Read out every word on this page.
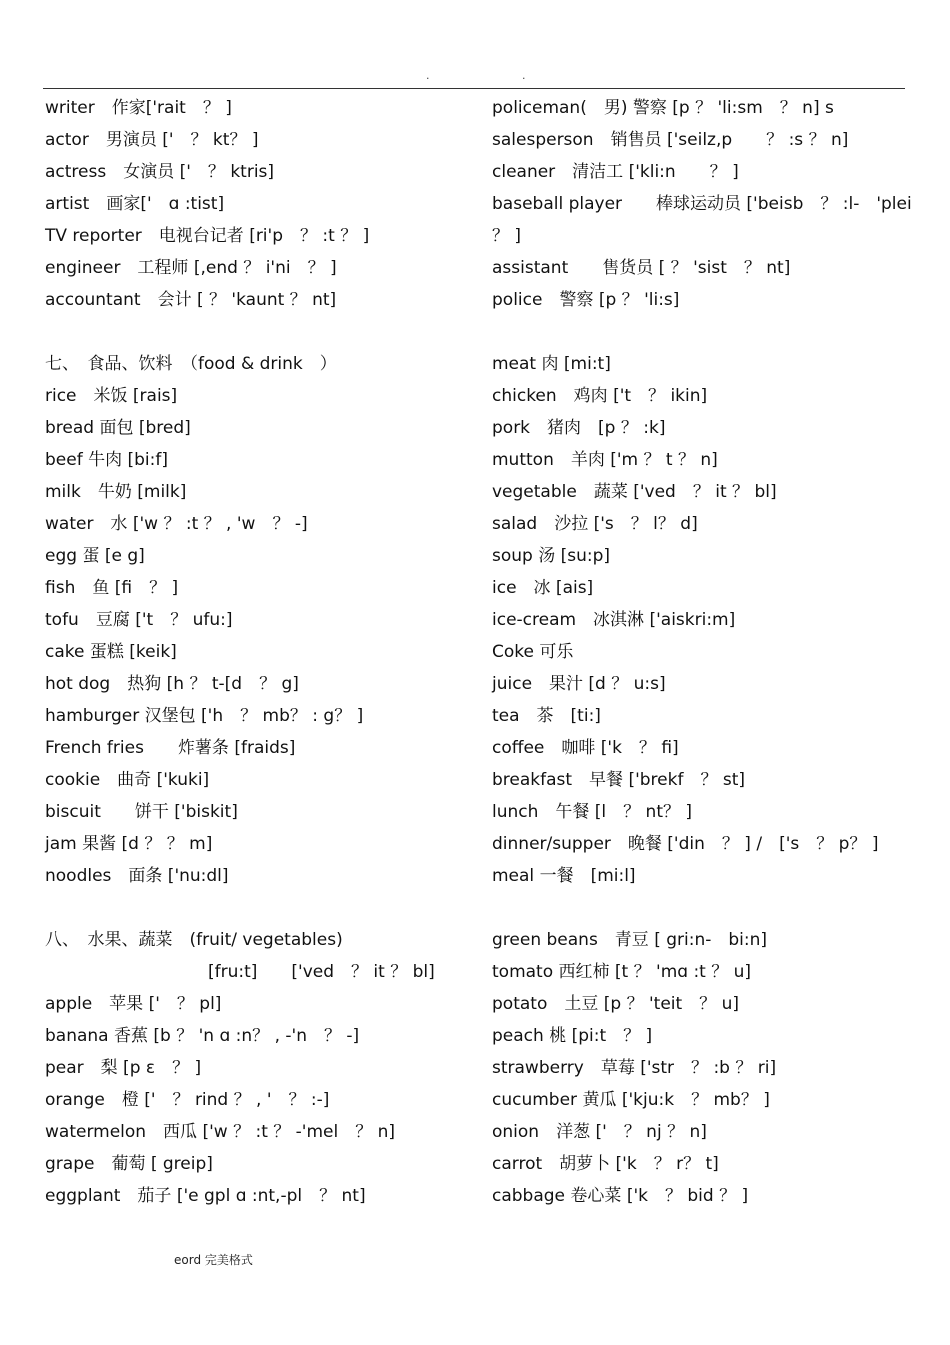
.	.
writer　作家['rait　？ ]
actor　男演员 ['　？ kt？ ]
actress　女演员 ['　？ ktris]
artist　画家['　ɑ :tist]
TV reporter　电视台记者 [ri'p　？ :t ？ ]
engineer　工程师 [,end ？ i'ni　？ ]
accountant　会计 [ ？ 'kaunt ？ nt]
七、　食品、饮料　（food & drink　）
rice　米饭 [rais]
bread 面包 [bred]
beef 牛肉 [bi:f]
milk　牛奶 [milk]
water　水 ['w ？ :t ？ , 'w　？ -]
egg 蛋 [e g]
fish　鱼 [fi　？ ]
tofu　豆腐 ['t　？ ufu:]
cake 蛋糕 [keik]
hot dog　热狗 [h ？ t-[d　？ g]
hamburger 汉堡包 ['h　？ mb？ : g？ ]
French fries　　炸薯条 [fraids]
cookie　曲奇 ['kuki]
biscuit　　饼干 ['biskit]
jam 果酱 [d ？ ？ m]
noodles　面条 ['nu:dl]
八、　水果、蔬菜　(fruit/ vegetables)
[fru:t]　　['ved　？ it ？ bl]
apple　苹果 ['　？ pl]
banana 香蕉 [b ？ 'n ɑ :n？ , -'n　？ -]
pear　梨 [p ε　？ ]
orange　橙 ['　？ rind ？ , '　？ :-]
watermelon　西瓜 ['w ？ :t ？ -'mel　？ n]
grape　葡萄 [ greip]
eggplant　茄子 ['e gpl ɑ :nt,-pl　？ nt]
policeman(　男) 警察 [p ？ 'li:sm　？ n] s
salesperson　销售员 ['seilz,p　　？ :s ？ n]
cleaner　清洁工 ['kli:n　　？ ]
baseball player　　棒球运动员 ['beisb　？ :l-　'plei
？ ]
assistant　　售货员 [ ？ 'sist　？ nt]
police　警察 [p ？ 'li:s]
meat 肉 [mi:t]
chicken　鸡肉 ['t　？ ikin]
pork　猪肉　[p ？ :k]
mutton　羊肉 ['m ？ t ？ n]
vegetable　蔬菜 ['ved　？ it ？ bl]
salad　沙拉 ['s　？ l？ d]
soup 汤 [su:p]
ice　冰 [ais]
ice-cream　冰淇淋 ['aiskri:m]
Coke 可乐
juice　果汁 [d ？ u:s]
tea　茶　[ti:]
coffee　咖啡 ['k　？ fi]
breakfast　早餐 ['brekf　？ st]
lunch　午餐 [l　？ nt？ ]
dinner/supper　晚餐 ['din　？ ] /　['s　？ p？ ]
meal 一餐　[mi:l]
green beans　青豆 [ gri:n-　bi:n]
tomato 西红柿 [t ？ 'mɑ :t ？ u]
potato　土豆 [p ？ 'teit　？ u]
peach 桃 [pi:t　？ ]
strawberry　草莓 ['str　？ :b ？ ri]
cucumber 黄瓜 ['kju:k　？ mb？ ]
onion　洋葱 ['　？ nj ？ n]
carrot　胡萝卜 ['k　？ r？ t]
cabbage 卷心菜 ['k　？ bid ？ ]
eord 完美格式
